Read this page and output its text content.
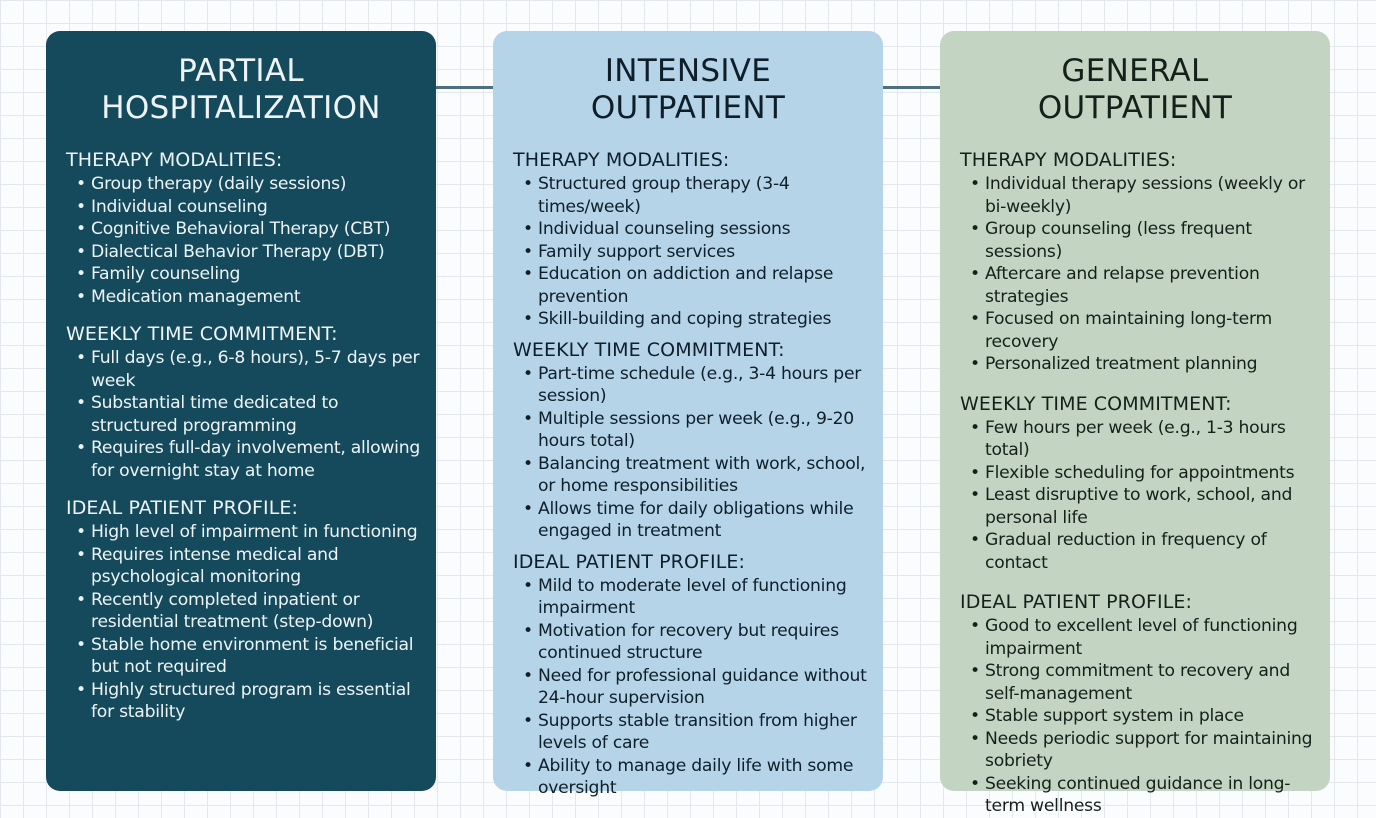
PARTIAL
HOSPITALIZATION
THERAPY MODALITIES:
• Group therapy (daily sessions)
• Individual counseling
• Cognitive Behavioral Therapy (CBT)
• Dialectical Behavior Therapy (DBT)
• Family counseling
• Medication management
WEEKLY TIME COMMITMENT:
• Full days (e.g., 6-8 hours), 5-7 days per week
• Substantial time dedicated to structured programming
• Requires full-day involvement, allowing for overnight stay at home
IDEAL PATIENT PROFILE:
• High level of impairment in functioning
• Requires intense medical and psychological monitoring
• Recently completed inpatient or residential treatment (step-down)
• Stable home environment is beneficial but not required
• Highly structured program is essential for stability
INTENSIVE
OUTPATIENT
THERAPY MODALITIES:
• Structured group therapy (3-4 times/week)
• Individual counseling sessions
• Family support services
• Education on addiction and relapse prevention
• Skill-building and coping strategies
WEEKLY TIME COMMITMENT:
• Part-time schedule (e.g., 3-4 hours per session)
• Multiple sessions per week (e.g., 9-20 hours total)
• Balancing treatment with work, school, or home responsibilities
• Allows time for daily obligations while engaged in treatment
IDEAL PATIENT PROFILE:
• Mild to moderate level of functioning impairment
• Motivation for recovery but requires continued structure
• Need for professional guidance without 24-hour supervision
• Supports stable transition from higher levels of care
• Ability to manage daily life with some oversight
GENERAL
OUTPATIENT
THERAPY MODALITIES:
• Individual therapy sessions (weekly or bi-weekly)
• Group counseling (less frequent sessions)
• Aftercare and relapse prevention strategies
• Focused on maintaining long-term recovery
• Personalized treatment planning
WEEKLY TIME COMMITMENT:
• Few hours per week (e.g., 1-3 hours total)
• Flexible scheduling for appointments
• Least disruptive to work, school, and personal life
• Gradual reduction in frequency of contact
IDEAL PATIENT PROFILE:
• Good to excellent level of functioning impairment
• Strong commitment to recovery and self-management
• Stable support system in place
• Needs periodic support for maintaining sobriety
• Seeking continued guidance in long-term wellness
